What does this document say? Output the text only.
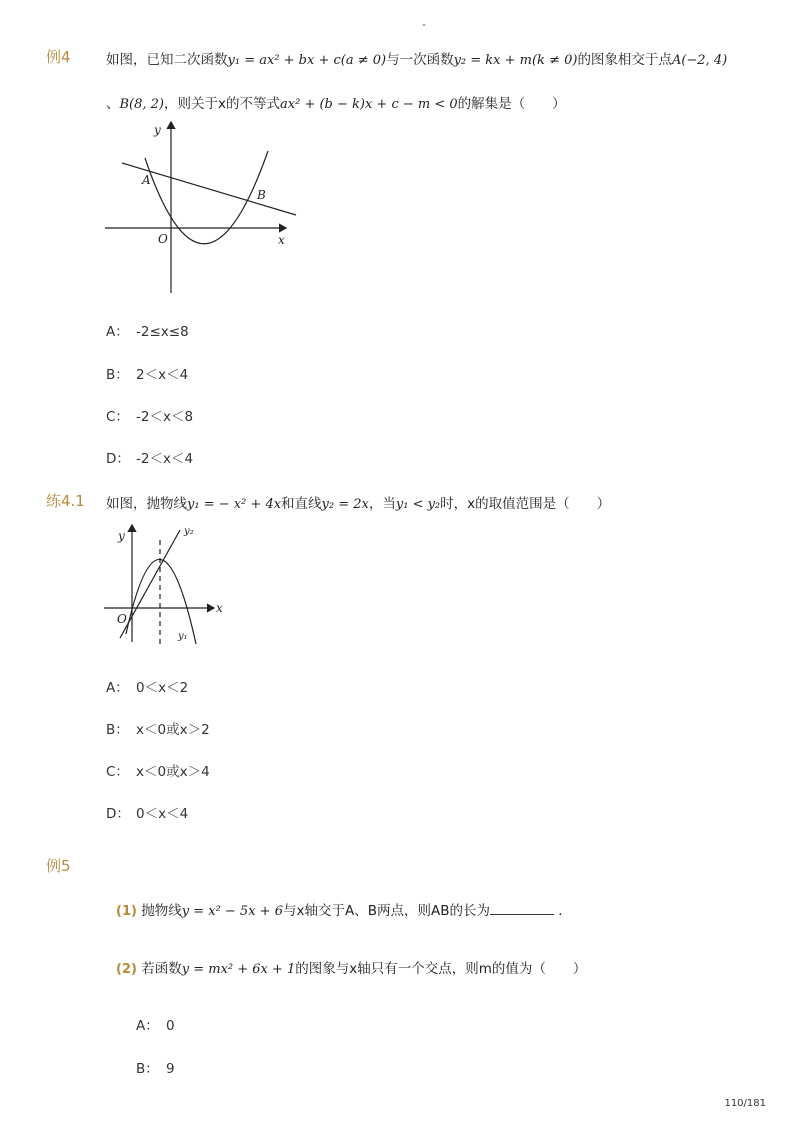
-
例4	如图，已知二次函数y₁ = ax² + bx + c(a ≠ 0)与一次函数y₂ = kx + m(k ≠ 0)的图象相交于点A(−2, 4)
、B(8, 2)，则关于x的不等式ax² + (b − k)x + c − m < 0的解集是（　　）
y
x
O
A
B
A： -2≤x≤8
B： 2＜x＜4
C： -2＜x＜8
D： -2＜x＜4
练4.1 如图，抛物线y₁ = − x² + 4x和直线y₂ = 2x，当y₁ < y₂时，x的取值范围是（　　）
y
x
O
y₂
y₁
A： 0＜x＜2
B： x＜0或x＞2
C： x＜0或x＞4
D： 0＜x＜4
例5
(1) 抛物线y = x² − 5x + 6与x轴交于A、B两点，则AB的长为	．
(2) 若函数y = mx² + 6x + 1的图象与x轴只有一个交点，则m的值为（　　）
A： 0
B： 9
110/181
